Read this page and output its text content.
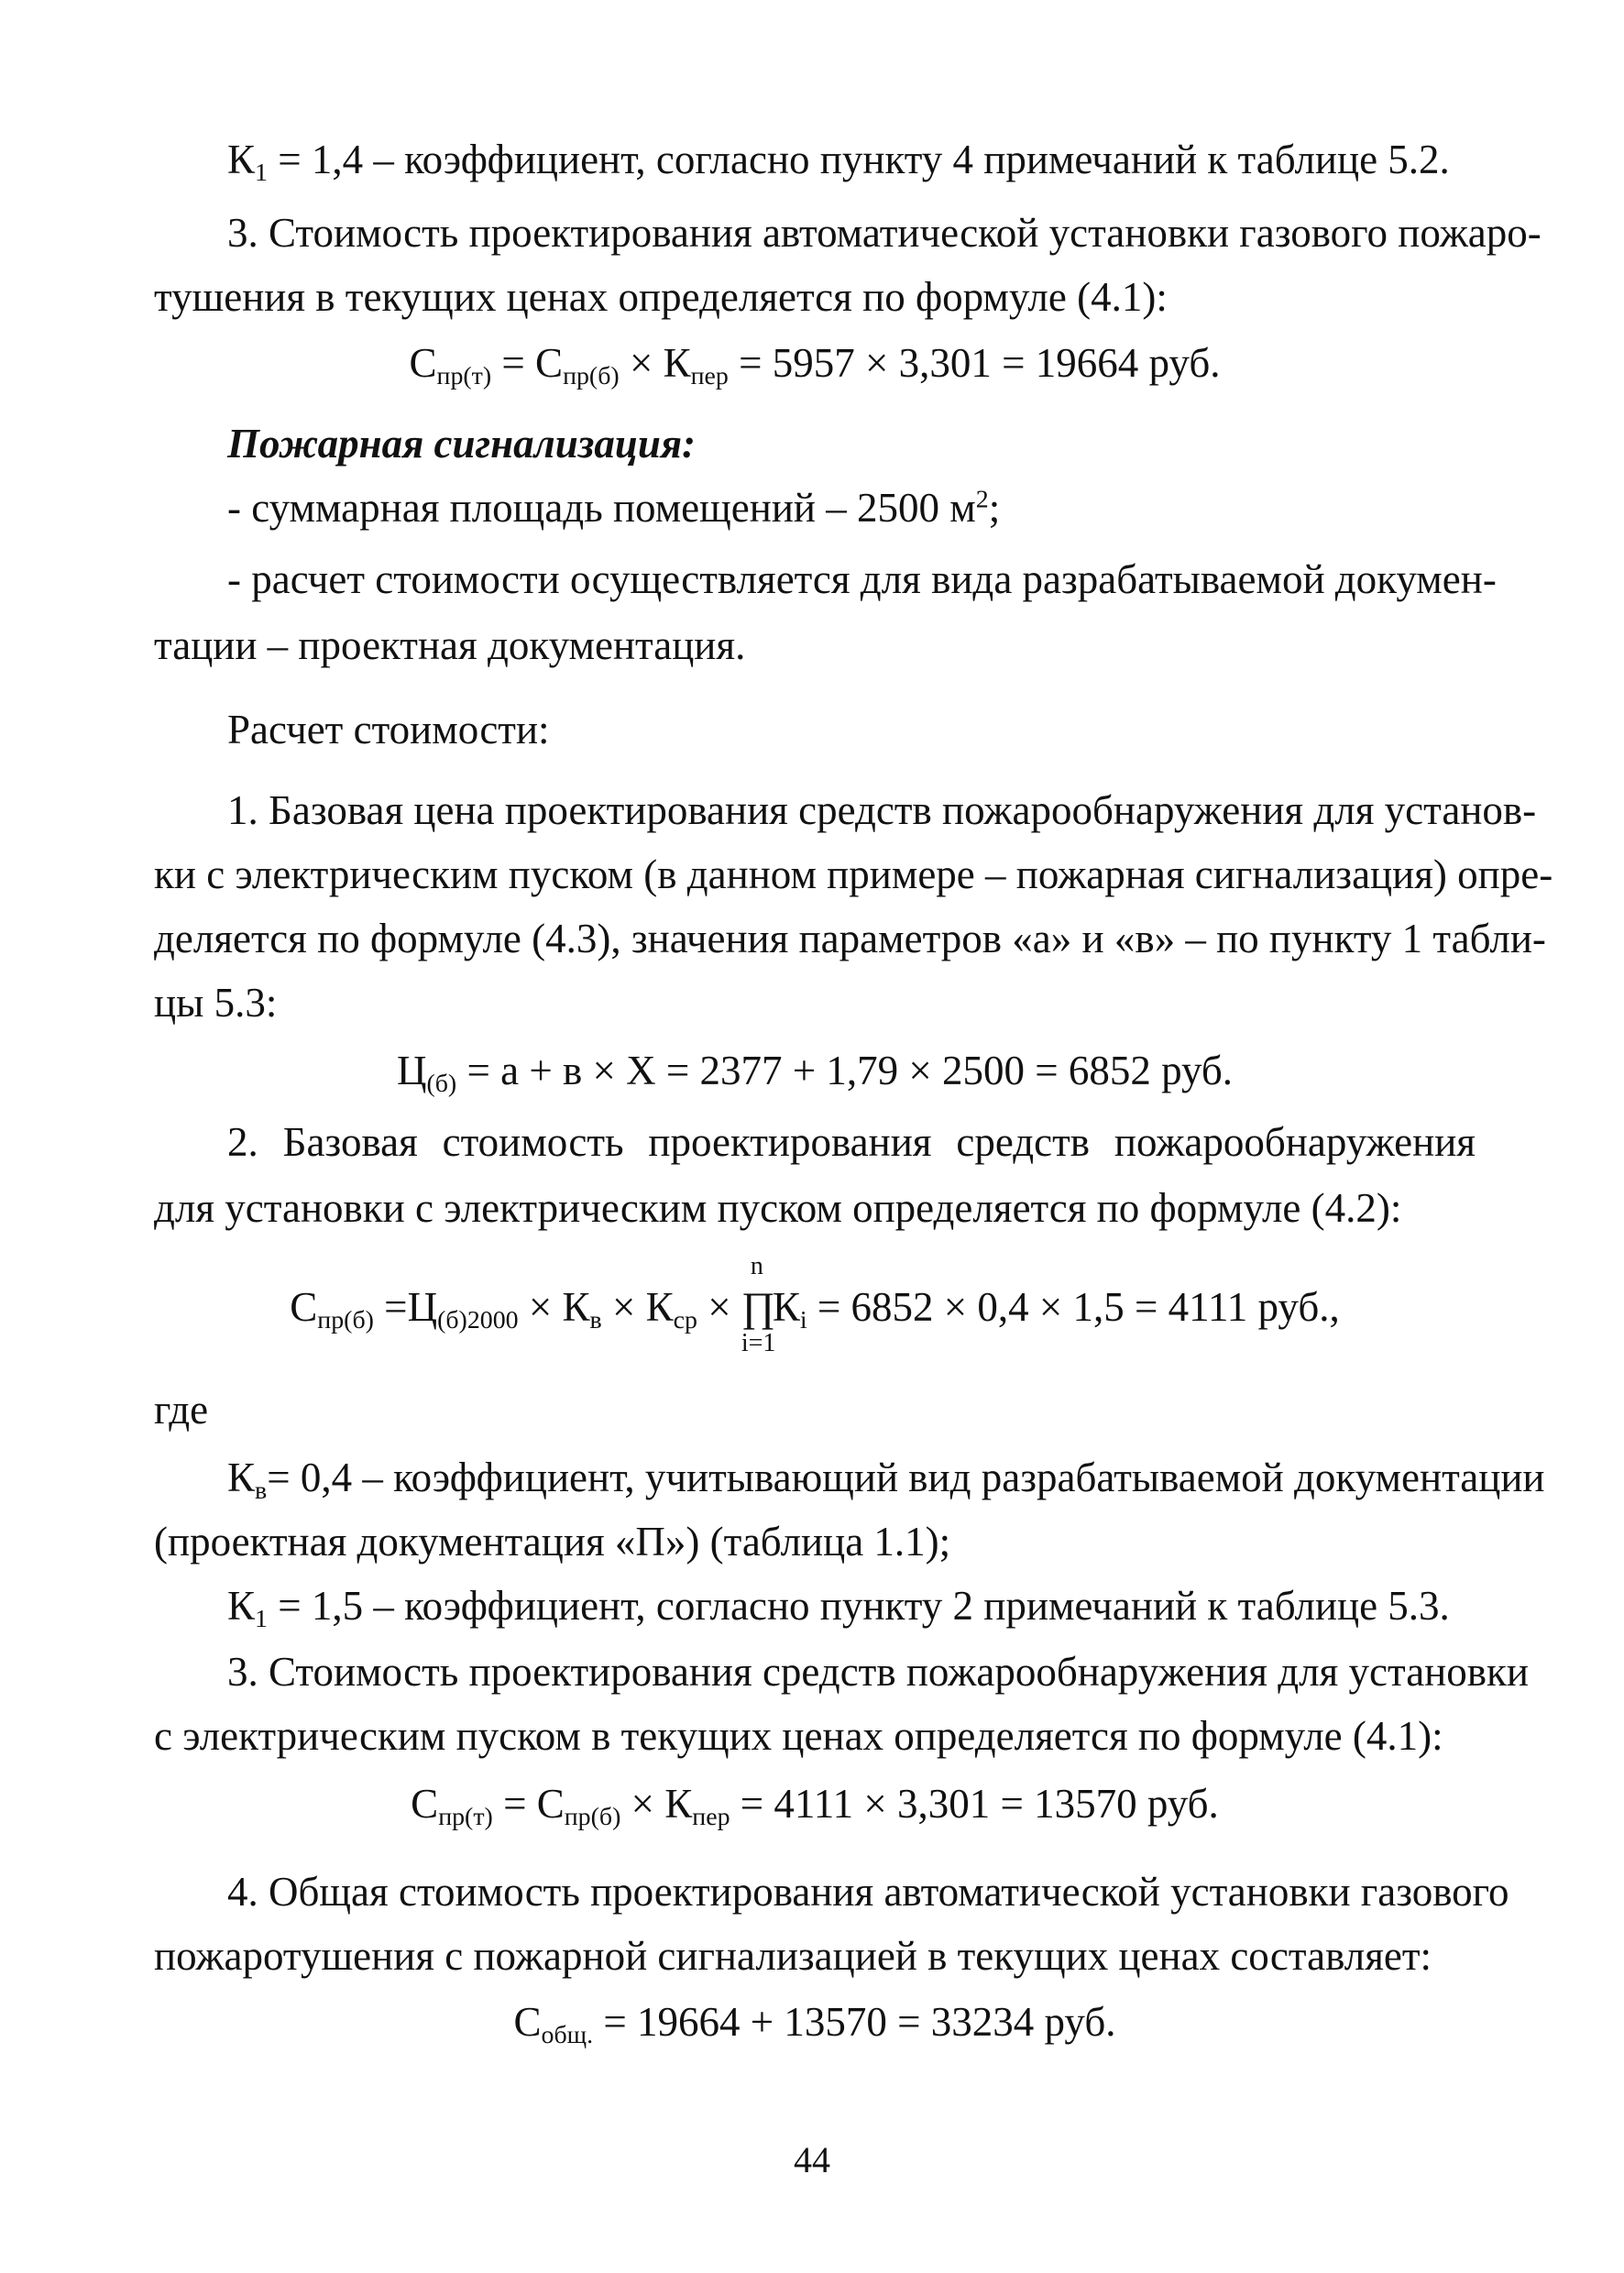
$К_1 = 1,4$ – коэффициент, согласно пункту 4 примечаний к таблице 5.2.
3. Стоимость проектирования автоматической установки газового пожаро-
тушения в текущих ценах определяется по формуле (4.1):
$С_{пр(т)} = С_{пр(б)} \times К_{пер} = 5957 \times 3,301 = 19664$ руб.
Пожарная сигнализация:
- суммарная площадь помещений – 2500 $м^2$;
- расчет стоимости осуществляется для вида разрабатываемой докумен-
тации – проектная документация.
Расчет стоимости:
1. Базовая цена проектирования средств пожарообнаружения для установ-
ки с электрическим пуском (в данном примере – пожарная сигнализация) опре-
деляется по формуле (4.3), значения параметров «а» и «в» – по пункту 1 табли-
цы 5.3:
$Ц_{(б)} = а + в \times Х = 2377 + 1,79 \times 2500 = 6852$ руб.
2. Базовая стоимость проектирования средств пожарообнаружения
для установки с электрическим пуском определяется по формуле (4.2):
$С_{пр(б)} =Ц_{(б)2000} \times К_в \times К_{ср}$ ×
n
∏
i=1
$К_i = 6852 \times 0,4 \times 1,5 = 4111$ руб.,
где
$К_в= 0,4$ – коэффициент, учитывающий вид разрабатываемой документации
(проектная документация «П») (таблица 1.1);
$К_1 = 1,5$ – коэффициент, согласно пункту 2 примечаний к таблице 5.3.
3. Стоимость проектирования средств пожарообнаружения для установки
с электрическим пуском в текущих ценах определяется по формуле (4.1):
$С_{пр(т)} = С_{пр(б)} \times К_{пер} = 4111 \times 3,301 = 13570$ руб.
4. Общая стоимость проектирования автоматической установки газового
пожаротушения с пожарной сигнализацией в текущих ценах составляет:
$С_{общ.} = 19664 + 13570 = 33234$ руб.
44
